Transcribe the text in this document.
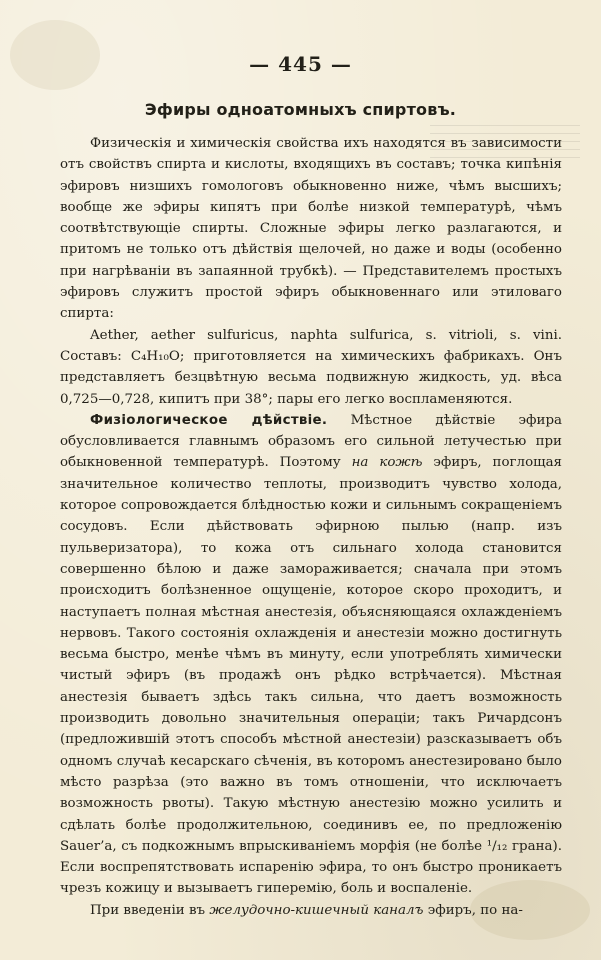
— 445 —
Эфиры одноатомныхъ спиртовъ.

Физическія и химическія свойства ихъ находятся въ зависимости отъ свойствъ спирта и кислоты, входящихъ въ составъ; точка кипѣнія эфировъ низшихъ гомологовъ обыкновенно ниже, чѣмъ высшихъ; вообще же эфиры кипятъ при болѣе низкой температурѣ, чѣмъ соотвѣтствующіе спирты. Сложные эфиры легко разлагаются, и притомъ не только отъ дѣйствія щелочей, но даже и воды (особенно при нагрѣваніи въ запаянной трубкѣ). — Представителемъ простыхъ эфировъ служитъ простой эфиръ обыкновеннаго или этиловаго спирта:

Aether, aether sulfuricus, naphta sulfurica, s. vitrioli, s. vini. Составъ: C₄H₁₀O; приготовляется на химическихъ фабрикахъ. Онъ представляетъ безцвѣтную весьма подвижную жидкость, уд. вѣса 0,725—0,728, кипитъ при 38°; пары его легко воспламеняются.

Физіологическое дѣйствіе. Мѣстное дѣйствіе эфира обусловливается главнымъ образомъ его сильной летучестью при обыкновенной температурѣ. Поэтому на кожѣ эфиръ, поглощая значительное количество теплоты, производитъ чувство холода, которое сопровождается блѣдностью кожи и сильнымъ сокращеніемъ сосудовъ. Если дѣйствовать эфирною пылью (напр. изъ пульверизатора), то кожа отъ сильнаго холода становится совершенно бѣлою и даже замораживается; сначала при этомъ происходитъ болѣзненное ощущеніе, которое скоро проходитъ, и наступаетъ полная мѣстная анестезія, объясняющаяся охлажденіемъ нервовъ. Такого состоянія охлажденія и анестезіи можно достигнуть весьма быстро, менѣе чѣмъ въ минуту, если употреблять химически чистый эфиръ (въ продажѣ онъ рѣдко встрѣчается). Мѣстная анестезія бываетъ здѣсь такъ сильна, что даетъ возможность производить довольно значительныя операціи; такъ Ричардсонъ (предложившій этотъ способъ мѣстной анестезіи) разсказываетъ объ одномъ случаѣ кесарскаго сѣченія, въ которомъ анестезировано было мѣсто разрѣза (это важно въ томъ отношеніи, что исключаетъ возможность рвоты). Такую мѣстную анестезію можно усилить и сдѣлать болѣе продолжительною, соединивъ ее, по предложенію Sauer’a, съ подкожнымъ впрыскиваніемъ морфія (не болѣе ¹/₁₂ грана). Если воспрепятствовать испаренію эфира, то онъ быстро проникаетъ чрезъ кожицу и вызываетъ гиперемію, боль и воспаленіе.

При введеніи въ желудочно-кишечный каналъ эфиръ, по на-
